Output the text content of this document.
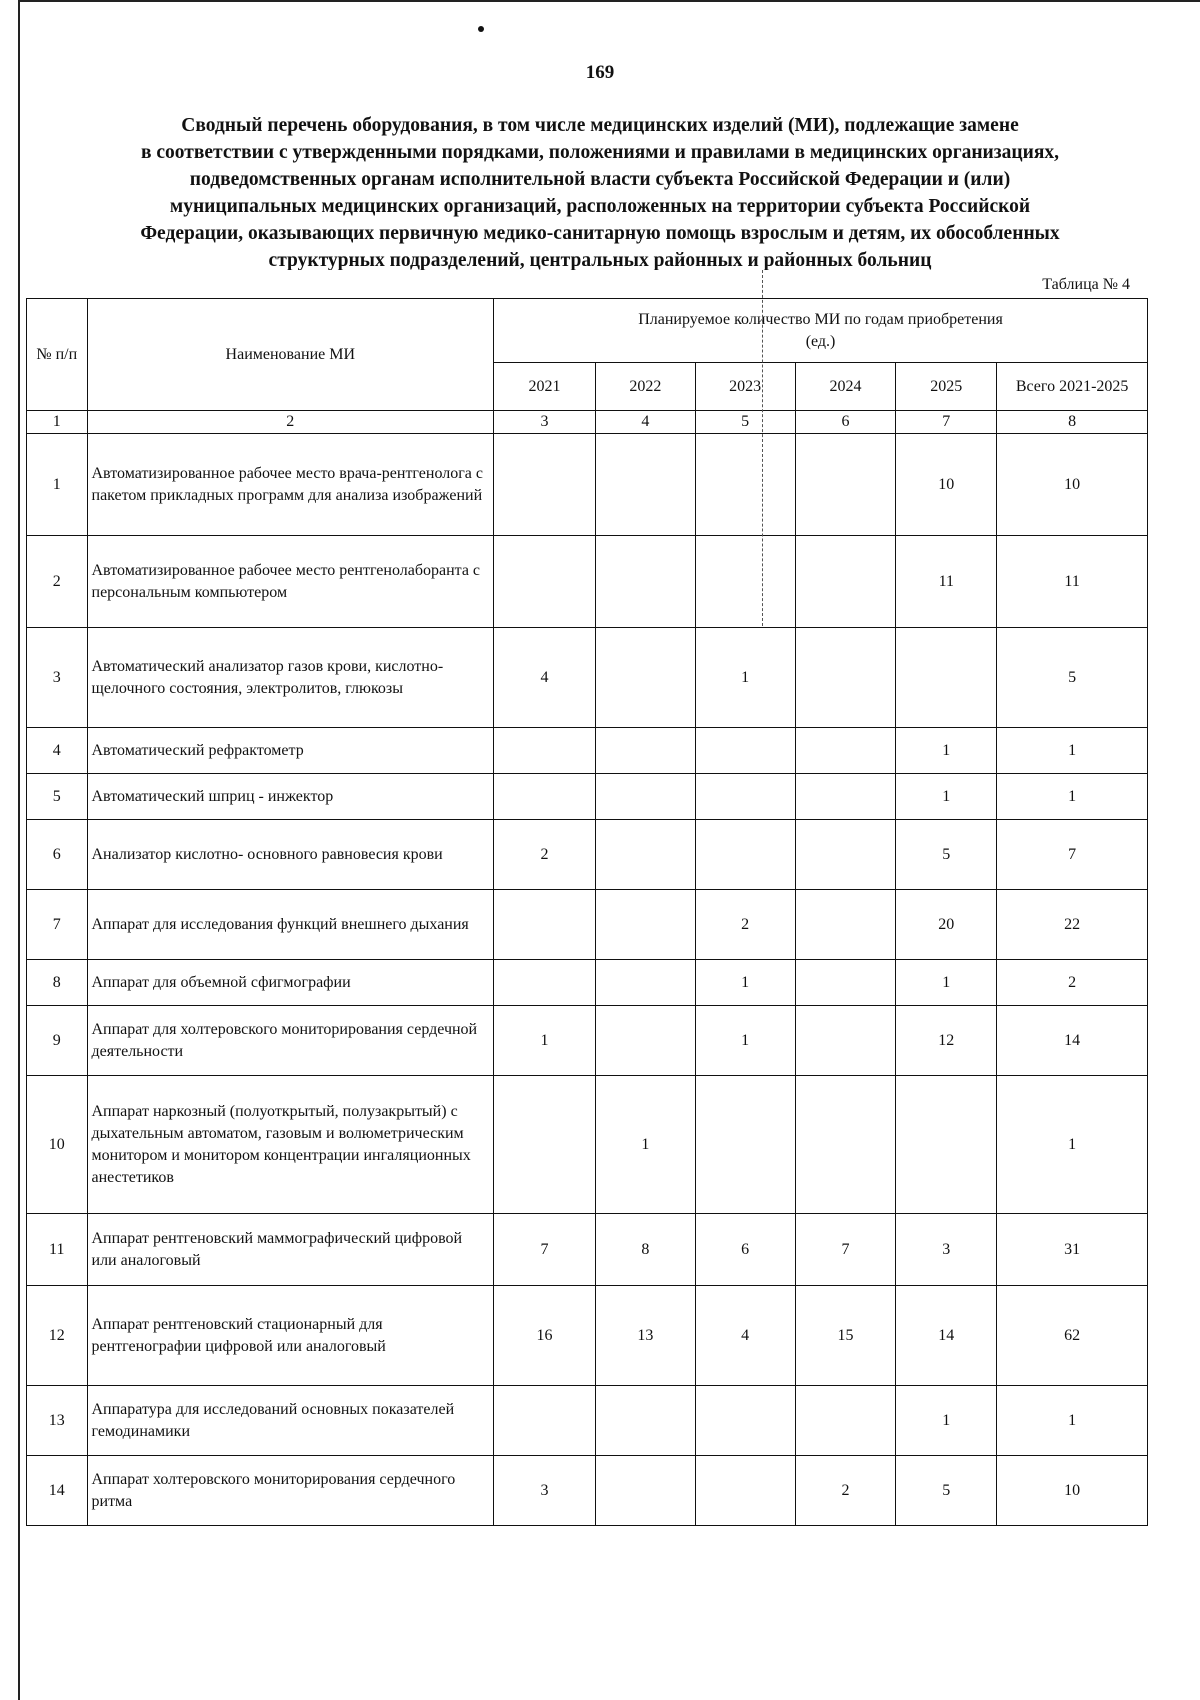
169
Сводный перечень оборудования, в том числе медицинских изделий (МИ), подлежащие замене
в соответствии с утвержденными порядками, положениями и правилами в медицинских организациях,
подведомственных органам исполнительной власти субъекта Российской Федерации и (или)
муниципальных медицинских организаций, расположенных на территории субъекта Российской
Федерации, оказывающих первичную медико-санитарную помощь взрослым и детям, их обособленных
структурных подразделений, центральных районных и районных больниц
Таблица № 4
№ п/п	Наименование МИ	Планируемое количество МИ по годам приобретения
(ед.)					
		2021	2022	2023	2024	2025	Всего 2021-2025
1	2	3	4	5	6	7	8
1	Автоматизированное рабочее место врача-рентгенолога с пакетом прикладных программ для анализа изображений					10	10
2	Автоматизированное рабочее место рентгенолаборанта с персональным компьютером					11	11
3	Автоматический анализатор газов крови, кислотно-щелочного состояния, электролитов, глюкозы	4		1			5
4	Автоматический рефрактометр					1	1
5	Автоматический шприц - инжектор					1	1
6	Анализатор кислотно- основного равновесия крови	2				5	7
7	Аппарат для исследования функций внешнего дыхания			2		20	22
8	Аппарат для объемной сфигмографии			1		1	2
9	Аппарат для холтеровского мониторирования сердечной деятельности	1		1		12	14
10	Аппарат наркозный (полуоткрытый, полузакрытый) с дыхательным автоматом, газовым и волюметрическим монитором и монитором концентрации ингаляционных анестетиков		1				1
11	Аппарат рентгеновский маммографический цифровой или аналоговый	7	8	6	7	3	31
12	Аппарат рентгеновский стационарный для рентгенографии цифровой или аналоговый	16	13	4	15	14	62
13	Аппаратура для исследований основных показателей гемодинамики					1	1
14	Аппарат холтеровского мониторирования сердечного ритма	3			2	5	10
